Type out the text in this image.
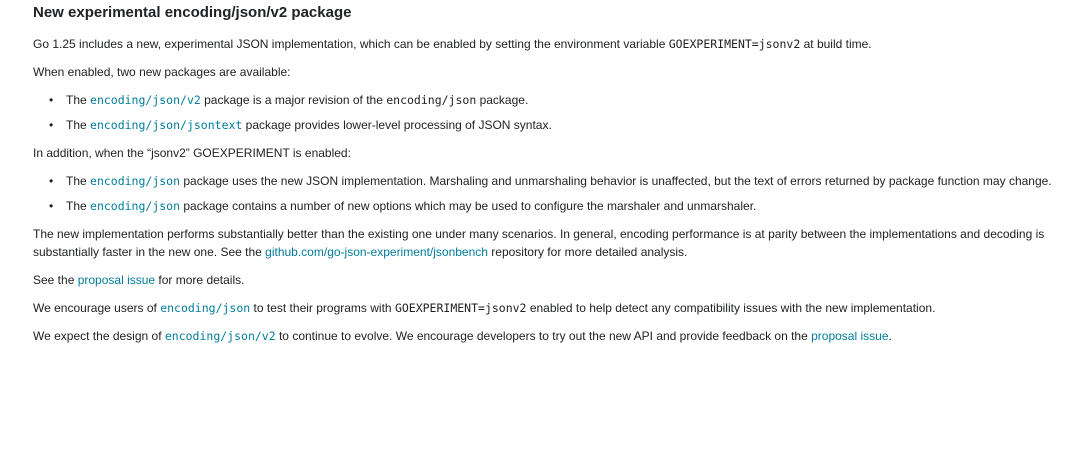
New experimental encoding/json/v2 package

Go 1.25 includes a new, experimental JSON implementation, which can be enabled by setting the environment variable GOEXPERIMENT=jsonv2 at build time.

When enabled, two new packages are available:

• The encoding/json/v2 package is a major revision of the encoding/json package.
• The encoding/json/jsontext package provides lower-level processing of JSON syntax.

In addition, when the “jsonv2” GOEXPERIMENT is enabled:

• The encoding/json package uses the new JSON implementation. Marshaling and unmarshaling behavior is unaffected, but the text of errors returned by package function may change.
• The encoding/json package contains a number of new options which may be used to configure the marshaler and unmarshaler.

The new implementation performs substantially better than the existing one under many scenarios. In general, encoding performance is at parity between the implementations and decoding is substantially faster in the new one. See the github.com/go-json-experiment/jsonbench repository for more detailed analysis.

See the proposal issue for more details.

We encourage users of encoding/json to test their programs with GOEXPERIMENT=jsonv2 enabled to help detect any compatibility issues with the new implementation.

We expect the design of encoding/json/v2 to continue to evolve. We encourage developers to try out the new API and provide feedback on the proposal issue.
